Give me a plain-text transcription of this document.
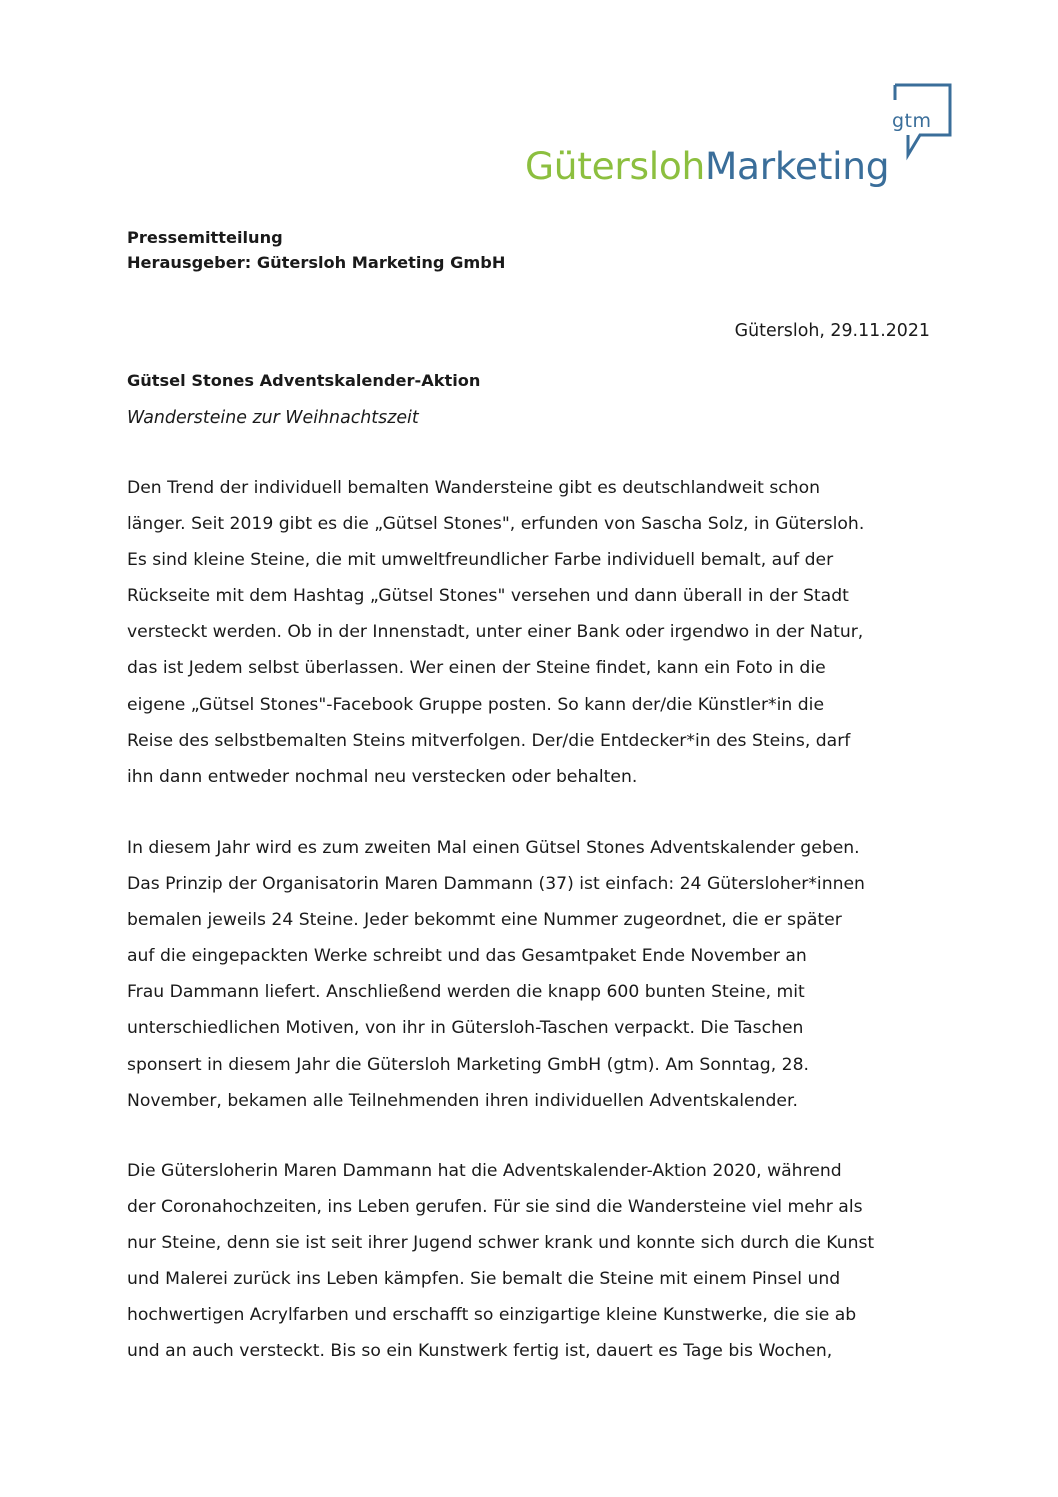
gtm
GüterslohMarketing
Pressemitteilung
Herausgeber: Gütersloh Marketing GmbH
Gütersloh, 29.11.2021
Gütsel Stones Adventskalender-Aktion
Wandersteine zur Weihnachtszeit
Den Trend der individuell bemalten Wandersteine gibt es deutschlandweit schon
länger. Seit 2019 gibt es die „Gütsel Stones", erfunden von Sascha Solz, in Gütersloh.
Es sind kleine Steine, die mit umweltfreundlicher Farbe individuell bemalt, auf der
Rückseite mit dem Hashtag „Gütsel Stones" versehen und dann überall in der Stadt
versteckt werden. Ob in der Innenstadt, unter einer Bank oder irgendwo in der Natur,
das ist Jedem selbst überlassen. Wer einen der Steine findet, kann ein Foto in die
eigene „Gütsel Stones"-Facebook Gruppe posten. So kann der/die Künstler*in die
Reise des selbstbemalten Steins mitverfolgen. Der/die Entdecker*in des Steins, darf
ihn dann entweder nochmal neu verstecken oder behalten.
In diesem Jahr wird es zum zweiten Mal einen Gütsel Stones Adventskalender geben.
Das Prinzip der Organisatorin Maren Dammann (37) ist einfach: 24 Gütersloher*innen
bemalen jeweils 24 Steine. Jeder bekommt eine Nummer zugeordnet, die er später
auf die eingepackten Werke schreibt und das Gesamtpaket Ende November an
Frau Dammann liefert. Anschließend werden die knapp 600 bunten Steine, mit
unterschiedlichen Motiven, von ihr in Gütersloh-Taschen verpackt. Die Taschen
sponsert in diesem Jahr die Gütersloh Marketing GmbH (gtm). Am Sonntag, 28.
November, bekamen alle Teilnehmenden ihren individuellen Adventskalender.
Die Gütersloherin Maren Dammann hat die Adventskalender-Aktion 2020, während
der Coronahochzeiten, ins Leben gerufen. Für sie sind die Wandersteine viel mehr als
nur Steine, denn sie ist seit ihrer Jugend schwer krank und konnte sich durch die Kunst
und Malerei zurück ins Leben kämpfen. Sie bemalt die Steine mit einem Pinsel und
hochwertigen Acrylfarben und erschafft so einzigartige kleine Kunstwerke, die sie ab
und an auch versteckt. Bis so ein Kunstwerk fertig ist, dauert es Tage bis Wochen,
